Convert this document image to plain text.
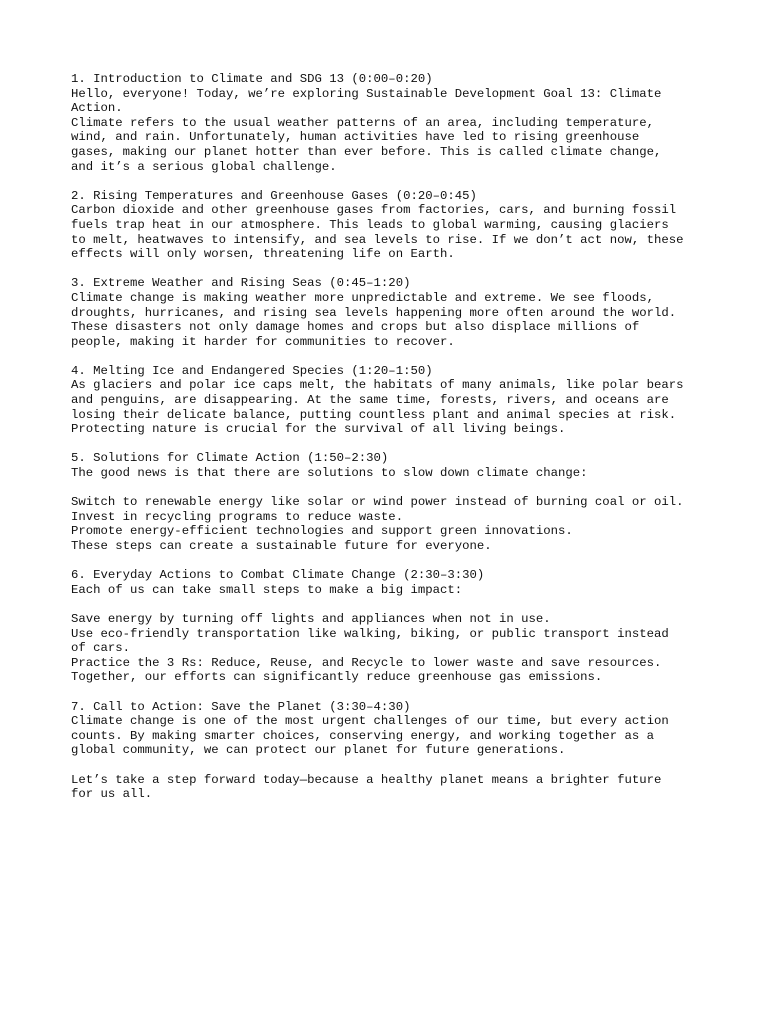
1. Introduction to Climate and SDG 13 (0:00–0:20)
Hello, everyone! Today, we’re exploring Sustainable Development Goal 13: Climate
Action.
Climate refers to the usual weather patterns of an area, including temperature,
wind, and rain. Unfortunately, human activities have led to rising greenhouse
gases, making our planet hotter than ever before. This is called climate change,
and it’s a serious global challenge.
2. Rising Temperatures and Greenhouse Gases (0:20–0:45)
Carbon dioxide and other greenhouse gases from factories, cars, and burning fossil
fuels trap heat in our atmosphere. This leads to global warming, causing glaciers
to melt, heatwaves to intensify, and sea levels to rise. If we don’t act now, these
effects will only worsen, threatening life on Earth.
3. Extreme Weather and Rising Seas (0:45–1:20)
Climate change is making weather more unpredictable and extreme. We see floods,
droughts, hurricanes, and rising sea levels happening more often around the world.
These disasters not only damage homes and crops but also displace millions of
people, making it harder for communities to recover.
4. Melting Ice and Endangered Species (1:20–1:50)
As glaciers and polar ice caps melt, the habitats of many animals, like polar bears
and penguins, are disappearing. At the same time, forests, rivers, and oceans are
losing their delicate balance, putting countless plant and animal species at risk.
Protecting nature is crucial for the survival of all living beings.
5. Solutions for Climate Action (1:50–2:30)
The good news is that there are solutions to slow down climate change:
Switch to renewable energy like solar or wind power instead of burning coal or oil.
Invest in recycling programs to reduce waste.
Promote energy-efficient technologies and support green innovations.
These steps can create a sustainable future for everyone.
6. Everyday Actions to Combat Climate Change (2:30–3:30)
Each of us can take small steps to make a big impact:
Save energy by turning off lights and appliances when not in use.
Use eco-friendly transportation like walking, biking, or public transport instead
of cars.
Practice the 3 Rs: Reduce, Reuse, and Recycle to lower waste and save resources.
Together, our efforts can significantly reduce greenhouse gas emissions.
7. Call to Action: Save the Planet (3:30–4:30)
Climate change is one of the most urgent challenges of our time, but every action
counts. By making smarter choices, conserving energy, and working together as a
global community, we can protect our planet for future generations.
Let’s take a step forward today—because a healthy planet means a brighter future
for us all.
